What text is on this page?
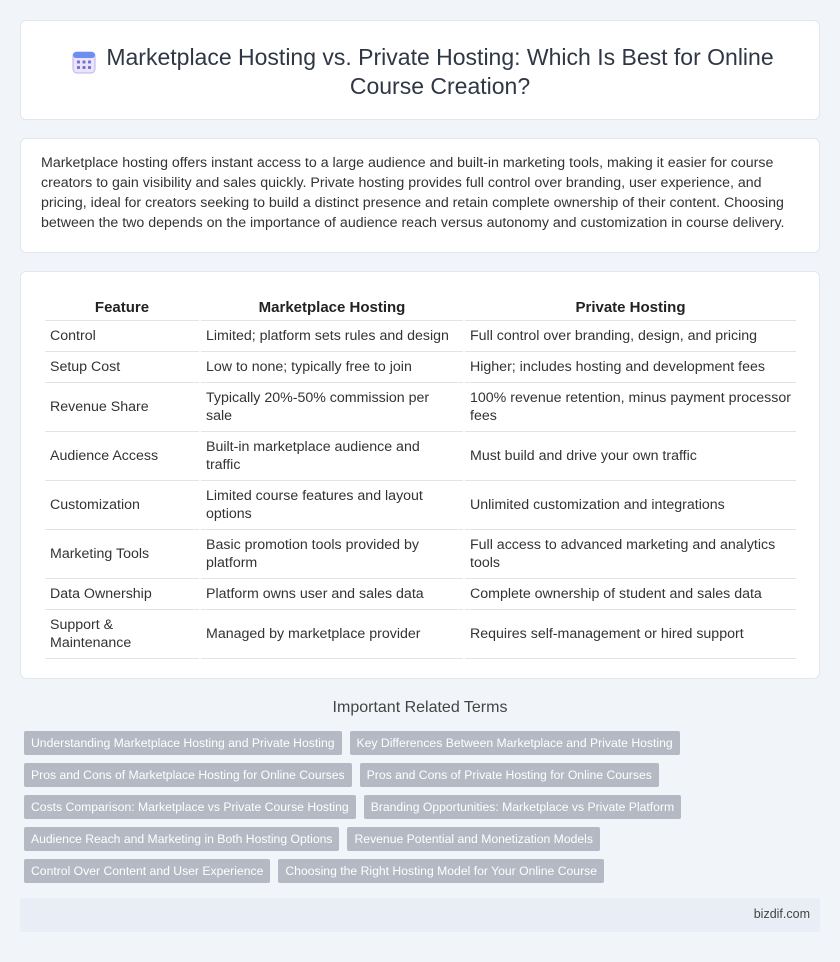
Marketplace Hosting vs. Private Hosting: Which Is Best for Online Course Creation?

Marketplace hosting offers instant access to a large audience and built-in marketing tools, making it easier for course creators to gain visibility and sales quickly. Private hosting provides full control over branding, user experience, and pricing, ideal for creators seeking to build a distinct presence and retain complete ownership of their content. Choosing between the two depends on the importance of audience reach versus autonomy and customization in course delivery.

Feature	Marketplace Hosting	Private Hosting
Control	Limited; platform sets rules and design	Full control over branding, design, and pricing
Setup Cost	Low to none; typically free to join	Higher; includes hosting and development fees
Revenue Share	Typically 20%-50% commission per sale	100% revenue retention, minus payment processor fees
Audience Access	Built-in marketplace audience and traffic	Must build and drive your own traffic
Customization	Limited course features and layout options	Unlimited customization and integrations
Marketing Tools	Basic promotion tools provided by platform	Full access to advanced marketing and analytics tools
Data Ownership	Platform owns user and sales data	Complete ownership of student and sales data
Support & Maintenance	Managed by marketplace provider	Requires self-management or hired support
Important Related Terms
Understanding Marketplace Hosting and Private Hosting	Key Differences Between Marketplace and Private Hosting
Pros and Cons of Marketplace Hosting for Online Courses	Pros and Cons of Private Hosting for Online Courses
Costs Comparison: Marketplace vs Private Course Hosting	Branding Opportunities: Marketplace vs Private Platform
Audience Reach and Marketing in Both Hosting Options	Revenue Potential and Monetization Models
Control Over Content and User Experience	Choosing the Right Hosting Model for Your Online Course
bizdif.com
